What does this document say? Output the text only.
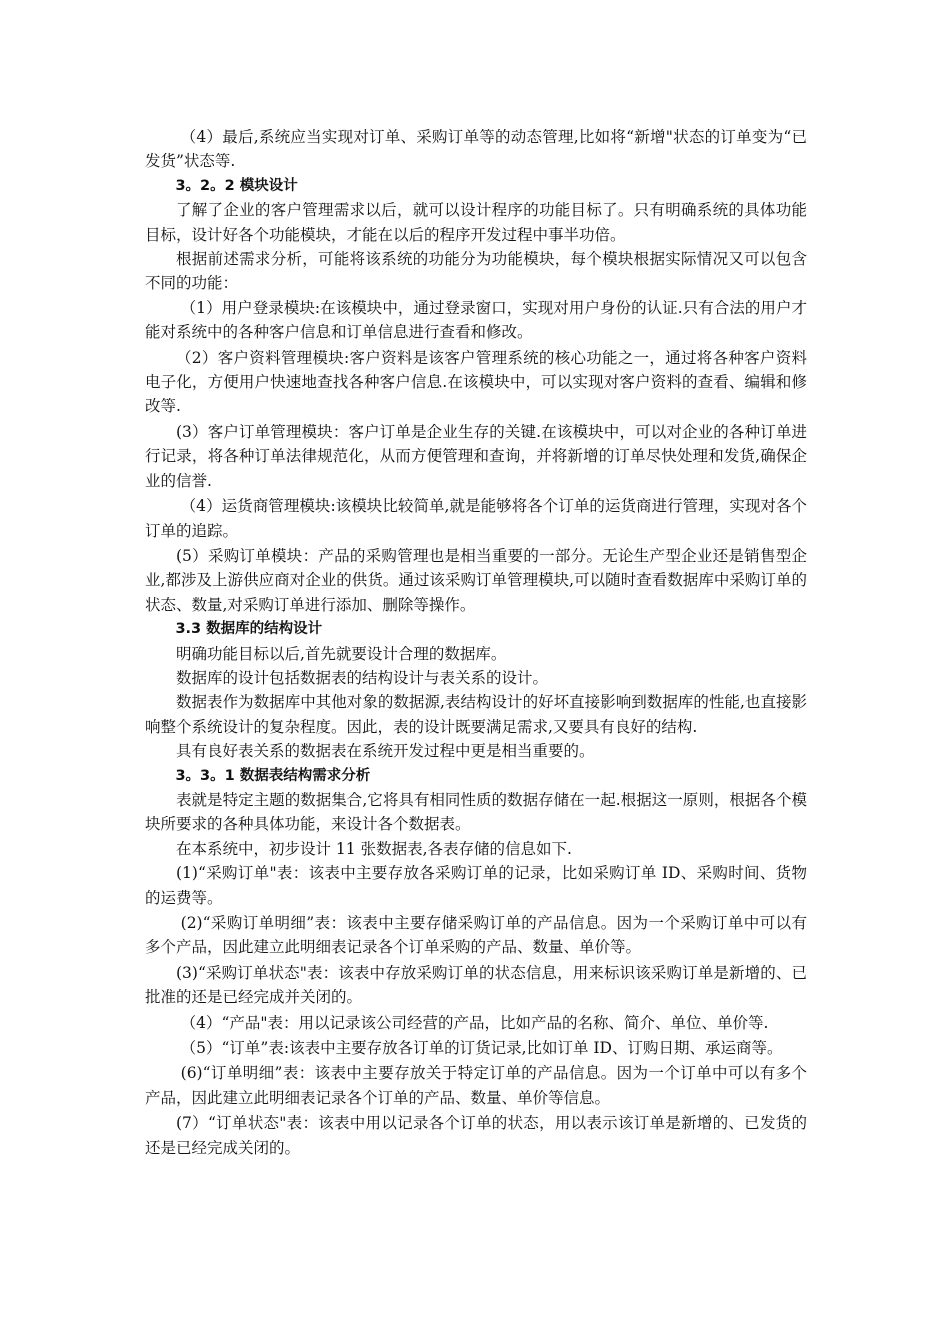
（4）最后,系统应当实现对订单、采购订单等的动态管理,比如将“新增"状态的订单变为“已发货”状态等.

3。2。2 模块设计

了解了企业的客户管理需求以后，就可以设计程序的功能目标了。只有明确系统的具体功能目标，设计好各个功能模块，才能在以后的程序开发过程中事半功倍。

根据前述需求分析，可能将该系统的功能分为功能模块，每个模块根据实际情况又可以包含不同的功能：

（1）用户登录模块:在该模块中，通过登录窗口，实现对用户身份的认证.只有合法的用户才能对系统中的各种客户信息和订单信息进行查看和修改。

（2）客户资料管理模块:客户资料是该客户管理系统的核心功能之一，通过将各种客户资料电子化，方便用户快速地查找各种客户信息.在该模块中，可以实现对客户资料的查看、编辑和修改等.

(3）客户订单管理模块：客户订单是企业生存的关键.在该模块中，可以对企业的各种订单进行记录，将各种订单法律规范化，从而方便管理和查询，并将新增的订单尽快处理和发货,确保企业的信誉.

（4）运货商管理模块:该模块比较简单,就是能够将各个订单的运货商进行管理，实现对各个订单的追踪。

(5）采购订单模块：产品的采购管理也是相当重要的一部分。无论生产型企业还是销售型企业,都涉及上游供应商对企业的供货。通过该采购订单管理模块,可以随时查看数据库中采购订单的状态、数量,对采购订单进行添加、删除等操作。

3.3 数据库的结构设计

明确功能目标以后,首先就要设计合理的数据库。

数据库的设计包括数据表的结构设计与表关系的设计。

数据表作为数据库中其他对象的数据源,表结构设计的好坏直接影响到数据库的性能,也直接影响整个系统设计的复杂程度。因此，表的设计既要满足需求,又要具有良好的结构.

具有良好表关系的数据表在系统开发过程中更是相当重要的。

3。3。1 数据表结构需求分析

表就是特定主题的数据集合,它将具有相同性质的数据存储在一起.根据这一原则，根据各个模块所要求的各种具体功能，来设计各个数据表。

在本系统中，初步设计 11 张数据表,各表存储的信息如下.

(1)“采购订单"表：该表中主要存放各采购订单的记录，比如采购订单 ID、采购时间、货物的运费等。

(2)“采购订单明细”表：该表中主要存储采购订单的产品信息。因为一个采购订单中可以有多个产品，因此建立此明细表记录各个订单采购的产品、数量、单价等。

(3)“采购订单状态"表：该表中存放采购订单的状态信息，用来标识该采购订单是新增的、已批准的还是已经完成并关闭的。

（4）“产品"表：用以记录该公司经营的产品，比如产品的名称、简介、单位、单价等.

（5）“订单”表:该表中主要存放各订单的订货记录,比如订单 ID、订购日期、承运商等。

(6)“订单明细”表：该表中主要存放关于特定订单的产品信息。因为一个订单中可以有多个产品，因此建立此明细表记录各个订单的产品、数量、单价等信息。

(7）“订单状态"表：该表中用以记录各个订单的状态，用以表示该订单是新增的、已发货的还是已经完成关闭的。
